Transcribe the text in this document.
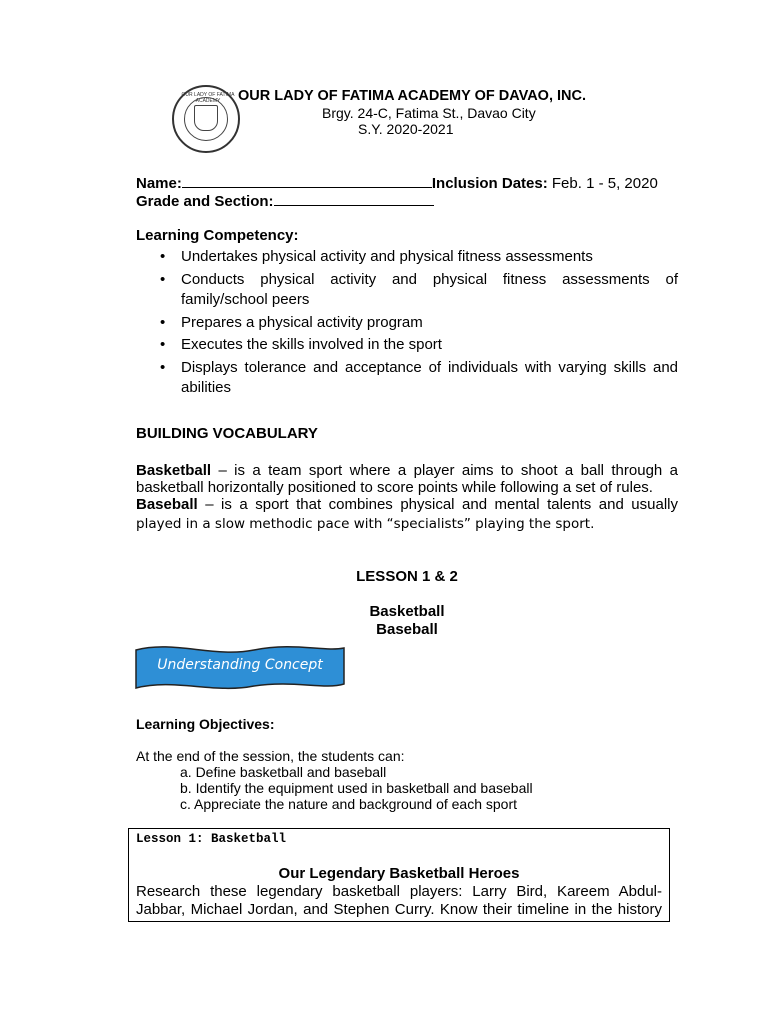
OUR LADY OF FATIMA ACADEMY	OUR LADY OF FATIMA ACADEMY OF DAVAO, INC.
Brgy. 24-C, Fatima St., Davao City
S.Y. 2020-2021
Name:	Inclusion Dates: Feb. 1 - 5, 2020
Grade and Section:
Learning Competency:
• Undertakes physical activity and physical fitness assessments
• Conducts physical activity and physical fitness assessments of family/school peers
• Prepares a physical activity program
• Executes the skills involved in the sport
• Displays tolerance and acceptance of individuals with varying skills and abilities
BUILDING VOCABULARY
Basketball – is a team sport where a player aims to shoot a ball through a
basketball horizontally positioned to score points while following a set of rules.
Baseball – is a sport that combines physical and mental talents and usually
played in a slow methodic pace with “specialists” playing the sport.
LESSON 1 & 2
Basketball
Baseball
Understanding Concept
Learning Objectives:
At the end of the session, the students can:
a. Define basketball and baseball
b. Identify the equipment used in basketball and baseball
c. Appreciate the nature and background of each sport
Lesson 1: Basketball
Our Legendary Basketball Heroes
Research these legendary basketball players: Larry Bird, Kareem Abdul-
Jabbar, Michael Jordan, and Stephen Curry. Know their timeline in the history
